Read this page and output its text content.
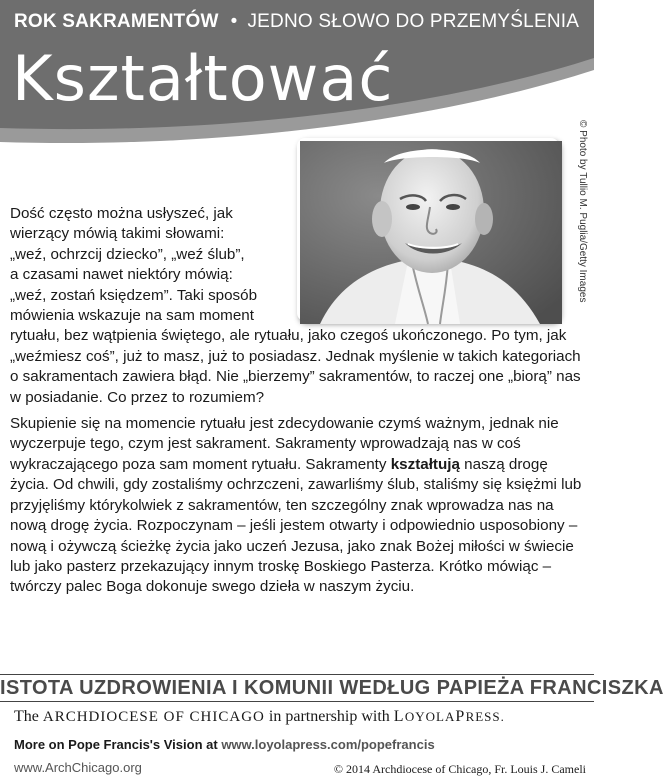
ROK SAKRAMENTÓW • JEDNO SŁOWO DO PRZEMYŚLENIA
Kształtować
© Photo by Tullio M. Puglia/Getty Images

Dość często można usłyszeć, jak
wierzący mówią takimi słowami:
„weź, ochrzcij dziecko”, „weź ślub”,
a czasami nawet niektóry mówią:
„weź, zostań księdzem”. Taki sposób
mówienia wskazuje na sam moment
rytuału, bez wątpienia świętego, ale rytuału, jako czegoś ukończonego. Po tym, jak „weźmiesz coś”, już to masz, już to posiadasz. Jednak myślenie w takich kategoriach o sakramentach zawiera błąd. Nie „bierzemy” sakramentów, to raczej one „biorą” nas w posiadanie. Co przez to rozumiem?

Skupienie się na momencie rytuału jest zdecydowanie czymś ważnym, jednak nie wyczerpuje tego, czym jest sakrament. Sakramenty wprowadzają nas w coś wykraczającego poza sam moment rytuału. Sakramenty kształtują naszą drogę życia. Od chwili, gdy zostaliśmy ochrzczeni, zawarliśmy ślub, staliśmy się księżmi lub przyjęliśmy którykolwiek z sakramentów, ten szczególny znak wprowadza nas na nową drogę życia. Rozpoczynam – jeśli jestem otwarty i odpowiednio usposobiony – nową i ożywczą ścieżkę życia jako uczeń Jezusa, jako znak Bożej miłości w świecie lub jako pasterz przekazujący innym troskę Boskiego Pasterza. Krótko mówiąc – twórczy palec Boga dokonuje swego dzieła w naszym życiu.

ISTOTA UZDROWIENIA I KOMUNII WEDŁUG PAPIEŻA FRANCISZKA
The ARCHDIOCESE OF CHICAGO in partnership with LOYOLAPRESS.
More on Pope Francis's Vision at www.loyolapress.com/popefrancis
www.ArchChicago.org	© 2014 Archdiocese of Chicago, Fr. Louis J. Cameli
